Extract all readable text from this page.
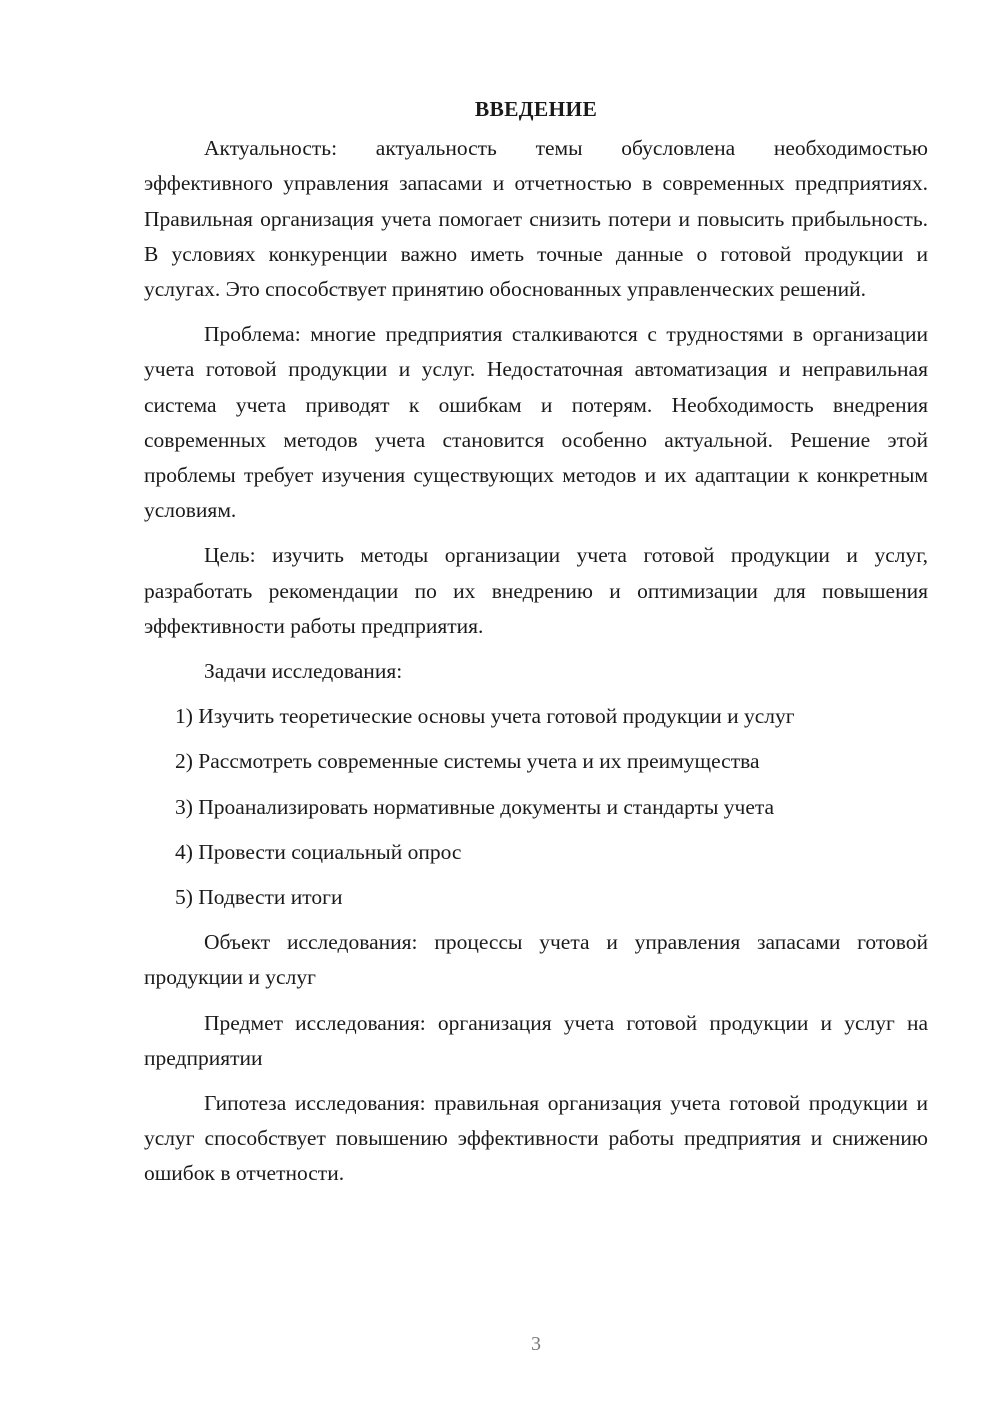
ВВЕДЕНИЕ

Актуальность: актуальность темы обусловлена необходимостью эффективного управления запасами и отчетностью в современных предприятиях. Правильная организация учета помогает снизить потери и повысить прибыльность. В условиях конкуренции важно иметь точные данные о готовой продукции и услугах. Это способствует принятию обоснованных управленческих решений.

Проблема: многие предприятия сталкиваются с трудностями в организации учета готовой продукции и услуг. Недостаточная автоматизация и неправильная система учета приводят к ошибкам и потерям. Необходимость внедрения современных методов учета становится особенно актуальной. Решение этой проблемы требует изучения существующих методов и их адаптации к конкретным условиям.

Цель: изучить методы организации учета готовой продукции и услуг, разработать рекомендации по их внедрению и оптимизации для повышения эффективности работы предприятия.

Задачи исследования:

1) Изучить теоретические основы учета готовой продукции и услуг
2) Рассмотреть современные системы учета и их преимущества
3) Проанализировать нормативные документы и стандарты учета
4) Провести социальный опрос
5) Подвести итоги

Объект исследования: процессы учета и управления запасами готовой продукции и услуг

Предмет исследования: организация учета готовой продукции и услуг на предприятии

Гипотеза исследования: правильная организация учета готовой продукции и услуг способствует повышению эффективности работы предприятия и снижению ошибок в отчетности.

3
